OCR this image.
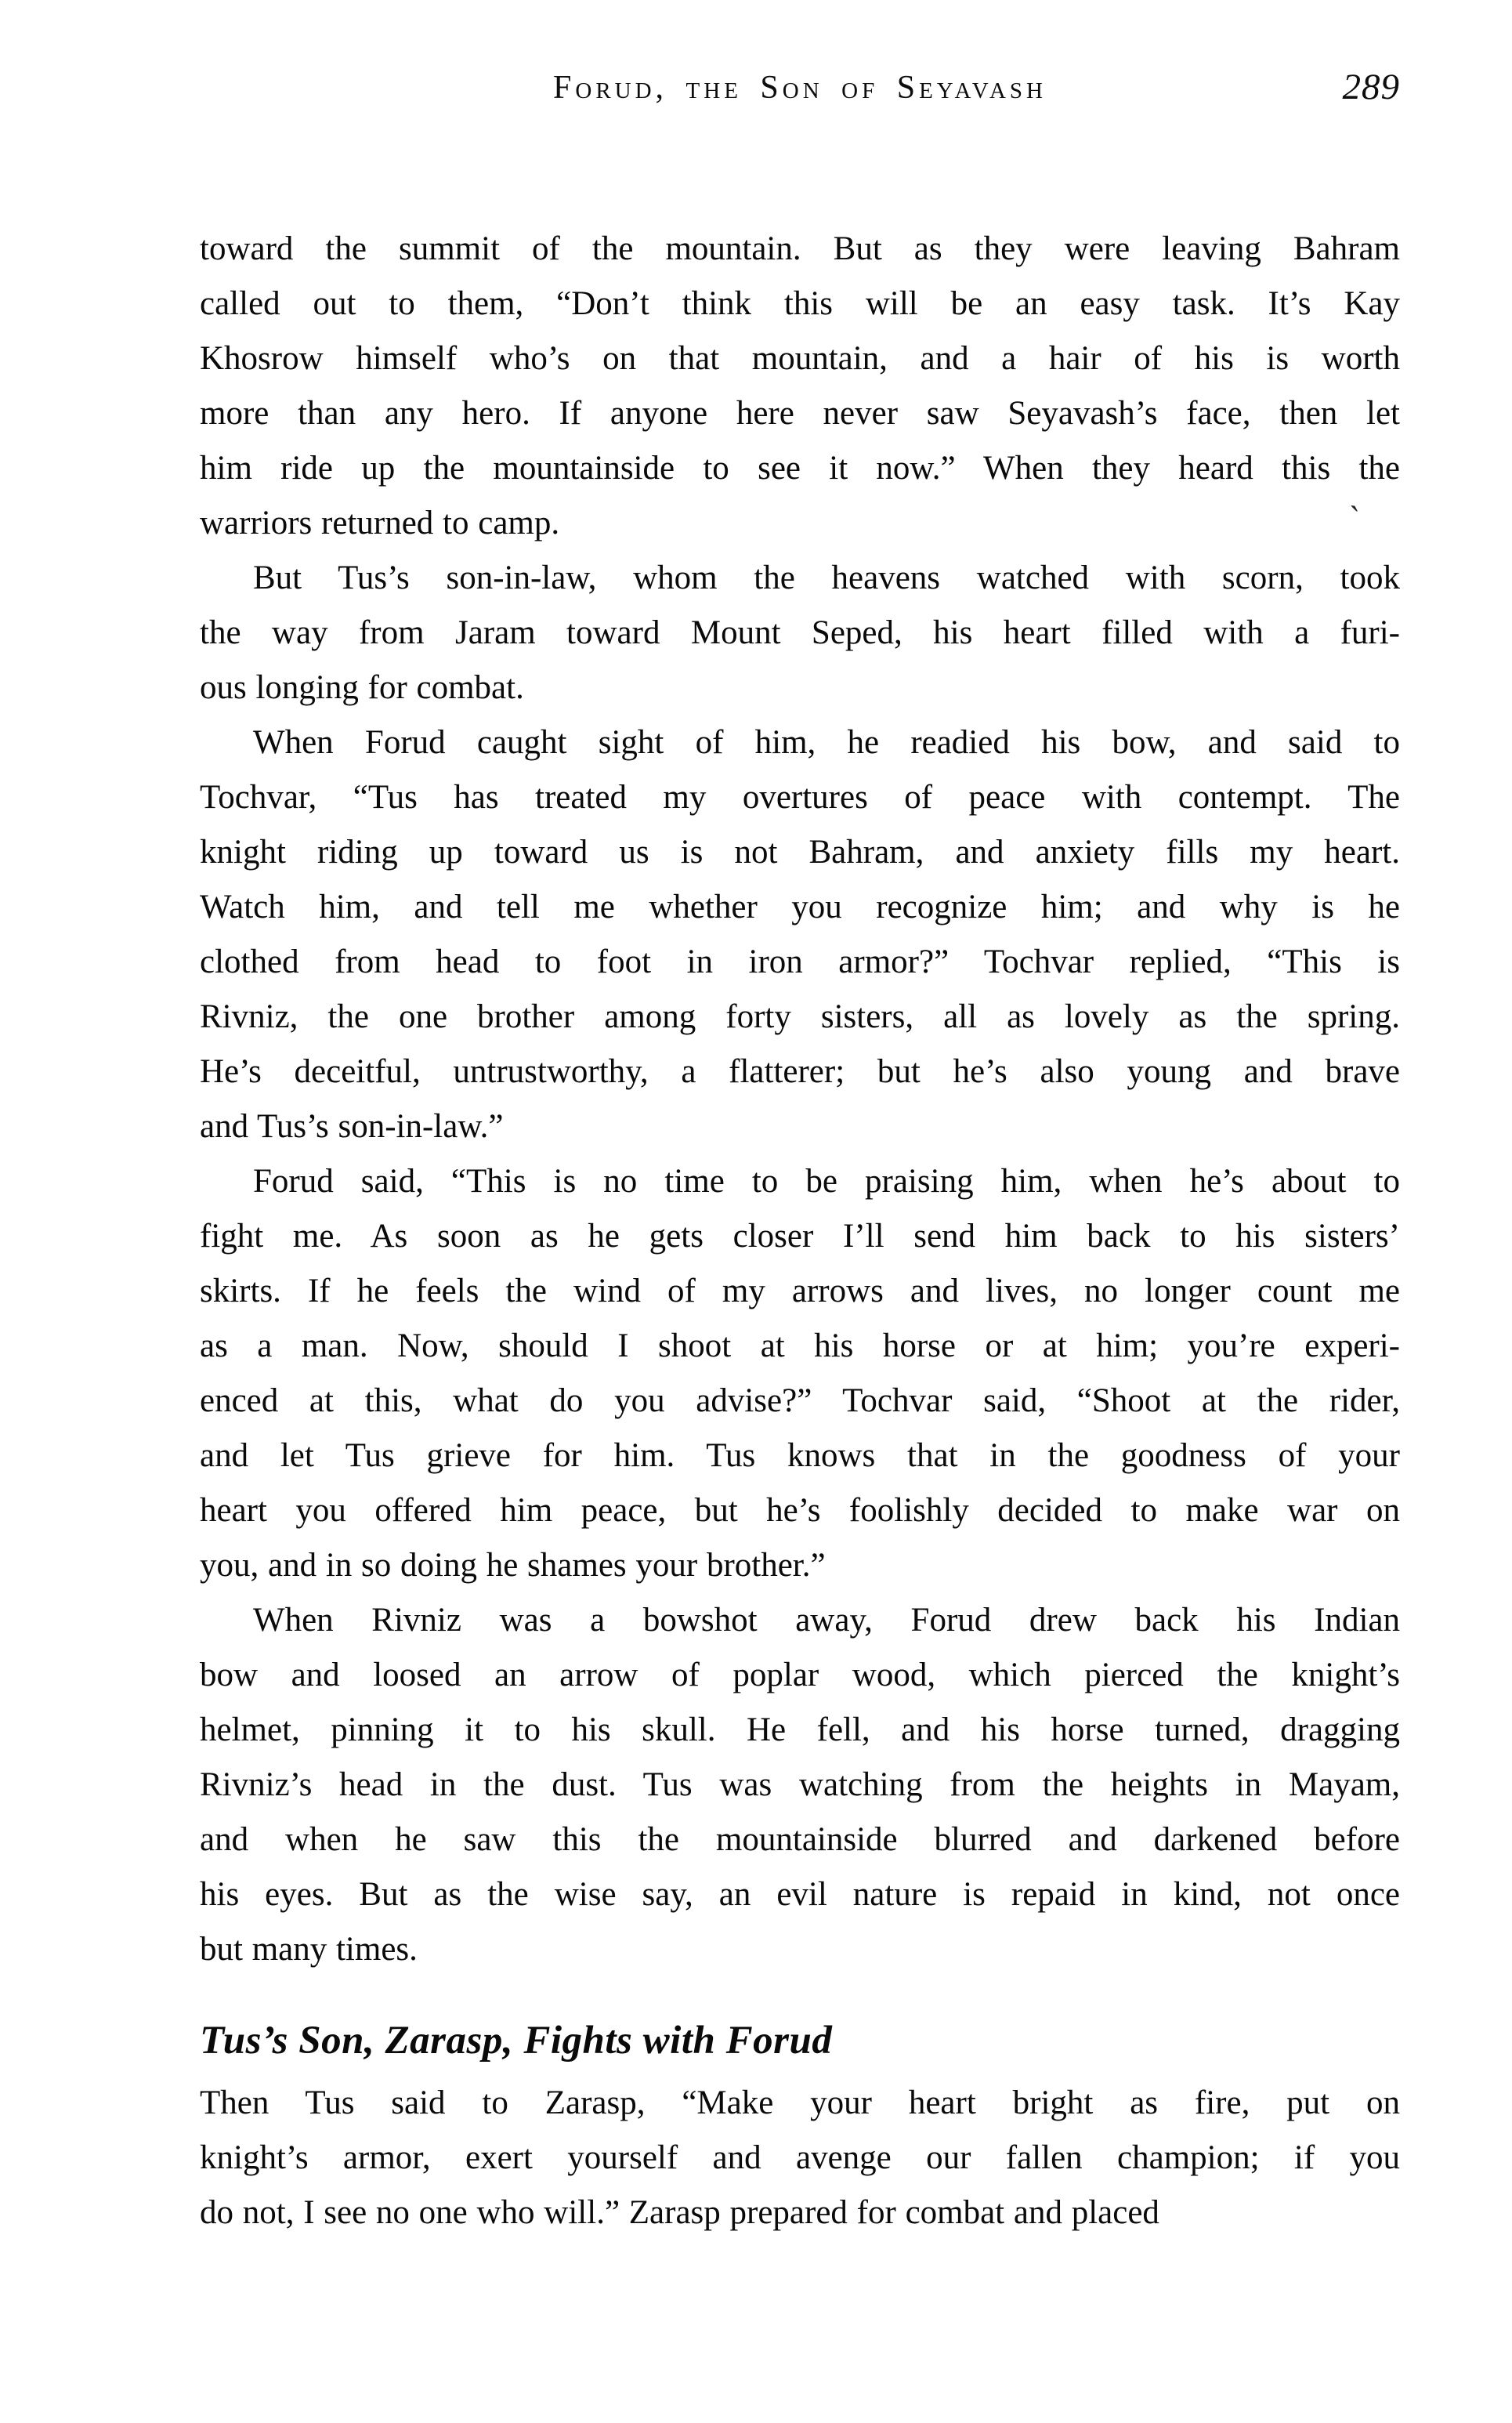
Forud, the Son of Seyavash	289
`

toward the summit of the mountain. But as they were leaving Bahram
called out to them, “Don’t think this will be an easy task. It’s Kay
Khosrow himself who’s on that mountain, and a hair of his is worth
more than any hero. If anyone here never saw Seyavash’s face, then let
him ride up the mountainside to see it now.” When they heard this the
warriors returned to camp.

But Tus’s son-in-law, whom the heavens watched with scorn, took
the way from Jaram toward Mount Seped, his heart filled with a furi-
ous longing for combat.

When Forud caught sight of him, he readied his bow, and said to
Tochvar, “Tus has treated my overtures of peace with contempt. The
knight riding up toward us is not Bahram, and anxiety fills my heart.
Watch him, and tell me whether you recognize him; and why is he
clothed from head to foot in iron armor?” Tochvar replied, “This is
Rivniz, the one brother among forty sisters, all as lovely as the spring.
He’s deceitful, untrustworthy, a flatterer; but he’s also young and brave
and Tus’s son-in-law.”

Forud said, “This is no time to be praising him, when he’s about to
fight me. As soon as he gets closer I’ll send him back to his sisters’
skirts. If he feels the wind of my arrows and lives, no longer count me
as a man. Now, should I shoot at his horse or at him; you’re experi-
enced at this, what do you advise?” Tochvar said, “Shoot at the rider,
and let Tus grieve for him. Tus knows that in the goodness of your
heart you offered him peace, but he’s foolishly decided to make war on
you, and in so doing he shames your brother.”

When Rivniz was a bowshot away, Forud drew back his Indian
bow and loosed an arrow of poplar wood, which pierced the knight’s
helmet, pinning it to his skull. He fell, and his horse turned, dragging
Rivniz’s head in the dust. Tus was watching from the heights in Mayam,
and when he saw this the mountainside blurred and darkened before
his eyes. But as the wise say, an evil nature is repaid in kind, not once
but many times.

Tus’s Son, Zarasp, Fights with Forud

Then Tus said to Zarasp, “Make your heart bright as fire, put on
knight’s armor, exert yourself and avenge our fallen champion; if you
do not, I see no one who will.” Zarasp prepared for combat and placed
